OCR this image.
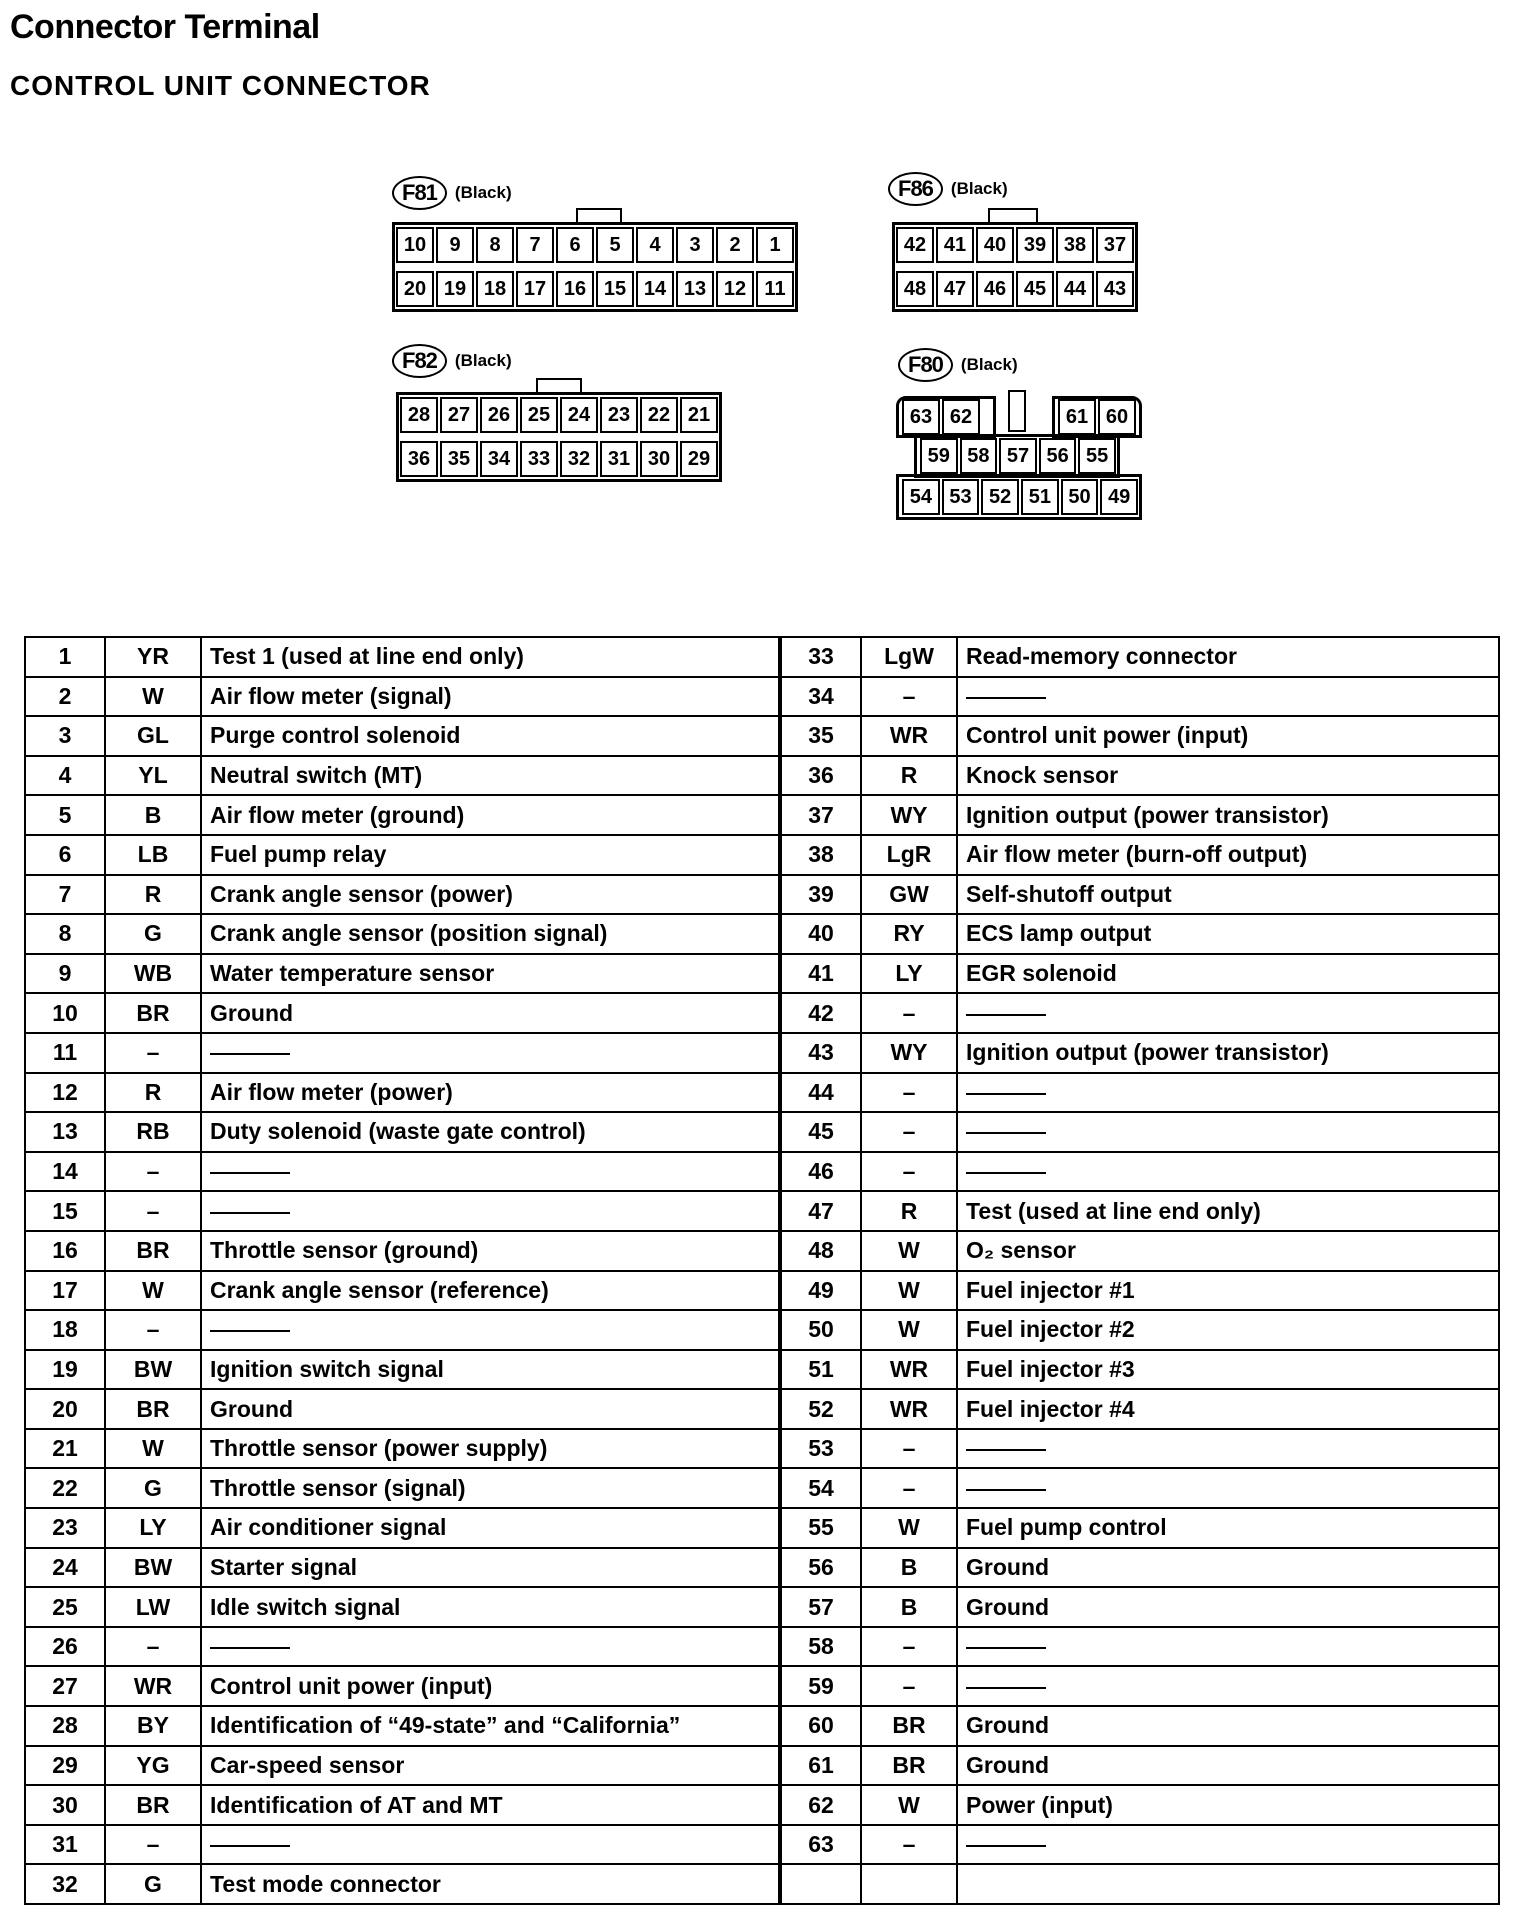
Connector Terminal
CONTROL UNIT CONNECTOR
F81	(Black)
10	9	8	7	6	5	4	3	2	1
20 19 18 17 16 15 14 13 12 11
F86	(Black)
42 41 40 39 38 37
48 47 46 45 44 43
F82	(Black)
28 27 26 25 24 23 22 21
36 35 34 33 32 31 30 29
F80	(Black)
63 62	61 60
59 58 57 56 55
54 53 52 51 50 49
1	YR	Test 1 (used at line end only)	33	LgW	Read-memory connector
2	W	Air flow meter (signal)	34	–	
3	GL	Purge control solenoid	35	WR	Control unit power (input)
4	YL	Neutral switch (MT)	36	R	Knock sensor
5	B	Air flow meter (ground)	37	WY	Ignition output (power transistor)
6	LB	Fuel pump relay	38	LgR	Air flow meter (burn-off output)
7	R	Crank angle sensor (power)	39	GW	Self-shutoff output
8	G	Crank angle sensor (position signal)	40	RY	ECS lamp output
9	WB	Water temperature sensor	41	LY	EGR solenoid
10	BR	Ground	42	–	
11	–		43	WY	Ignition output (power transistor)
12	R	Air flow meter (power)	44	–	
13	RB	Duty solenoid (waste gate control)	45	–	
14	–		46	–	
15	–		47	R	Test (used at line end only)
16	BR	Throttle sensor (ground)	48	W	O₂ sensor
17	W	Crank angle sensor (reference)	49	W	Fuel injector #1
18	–		50	W	Fuel injector #2
19	BW	Ignition switch signal	51	WR	Fuel injector #3
20	BR	Ground	52	WR	Fuel injector #4
21	W	Throttle sensor (power supply)	53	–	
22	G	Throttle sensor (signal)	54	–	
23	LY	Air conditioner signal	55	W	Fuel pump control
24	BW	Starter signal	56	B	Ground
25	LW	Idle switch signal	57	B	Ground
26	–		58	–	
27	WR	Control unit power (input)	59	–	
28	BY	Identification of “49-state” and “California”	60	BR	Ground
29	YG	Car-speed sensor	61	BR	Ground
30	BR	Identification of AT and MT	62	W	Power (input)
31	–		63	–	
32	G	Test mode connector			
